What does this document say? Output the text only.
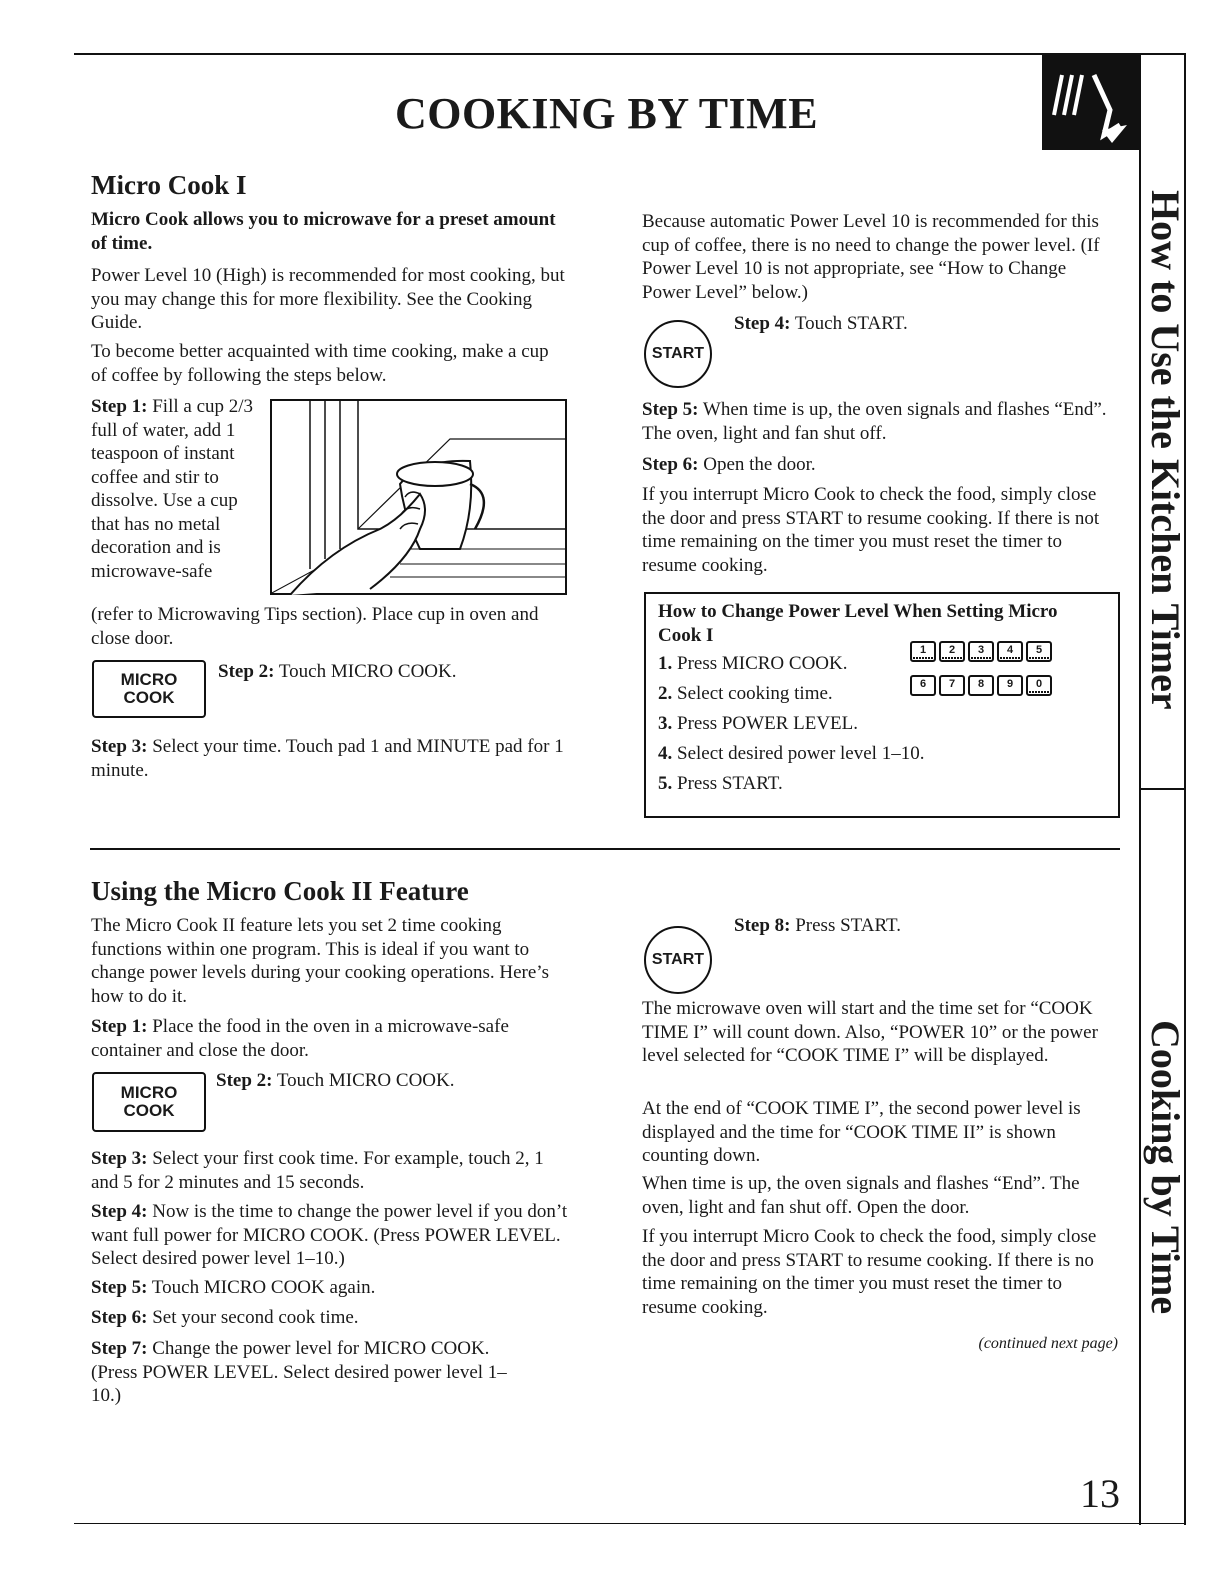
COOKING BY TIME
How to Use the Kitchen Timer
Cooking by Time
Micro Cook I

Micro Cook allows you to microwave for a preset amount of time.

Power Level 10 (High) is recommended for most cooking, but you may change this for more flexibility. See the Cooking Guide.

To become better acquainted with time cooking, make a cup of coffee by following the steps below.

Step 1: Fill a cup 2/3 full of water, add 1 teaspoon of instant coffee and stir to dissolve. Use a cup that has no metal decoration and is microwave-safe

(refer to Microwaving Tips section). Place cup in oven and close door.

MICRO
COOK

Step 2: Touch MICRO COOK.

Step 3: Select your time. Touch pad 1 and MINUTE pad for 1 minute.

Because automatic Power Level 10 is recommended for this cup of coffee, there is no need to change the power level. (If Power Level 10 is not appropriate, see “How to Change Power Level” below.)

START

Step 4: Touch START.

Step 5: When time is up, the oven signals and flashes “End”. The oven, light and fan shut off.

Step 6: Open the door.

If you interrupt Micro Cook to check the food, simply close the door and press START to resume cooking. If there is not time remaining on the timer you must reset the timer to resume cooking.

How to Change Power Level When Setting Micro Cook I

1. Press MICRO COOK.
2. Select cooking time.
3. Press POWER LEVEL.
4. Select desired power level 1–10.
5. Press START.
1 2 3 4 5
6 7 8 9 0
Using the Micro Cook II Feature

The Micro Cook II feature lets you set 2 time cooking functions within one program. This is ideal if you want to change power levels during your cooking operations. Here’s how to do it.

Step 1: Place the food in the oven in a microwave-safe container and close the door.

MICRO
COOK

Step 2: Touch MICRO COOK.

Step 3: Select your first cook time. For example, touch 2, 1 and 5 for 2 minutes and 15 seconds.

Step 4: Now is the time to change the power level if you don’t want full power for MICRO COOK. (Press POWER LEVEL. Select desired power level 1–10.)

Step 5: Touch MICRO COOK again.

Step 6: Set your second cook time.

Step 7: Change the power level for MICRO COOK. (Press POWER LEVEL. Select desired power level 1–10.)

START

Step 8: Press START.

The microwave oven will start and the time set for “COOK TIME I” will count down. Also, “POWER 10” or the power level selected for “COOK TIME I” will be displayed.

At the end of “COOK TIME I”, the second power level is displayed and the time for “COOK TIME II” is shown counting down.

When time is up, the oven signals and flashes “End”. The oven, light and fan shut off. Open the door.

If you interrupt Micro Cook to check the food, simply close the door and press START to resume cooking. If there is no time remaining on the timer you must reset the timer to resume cooking.

(continued next page)

13
